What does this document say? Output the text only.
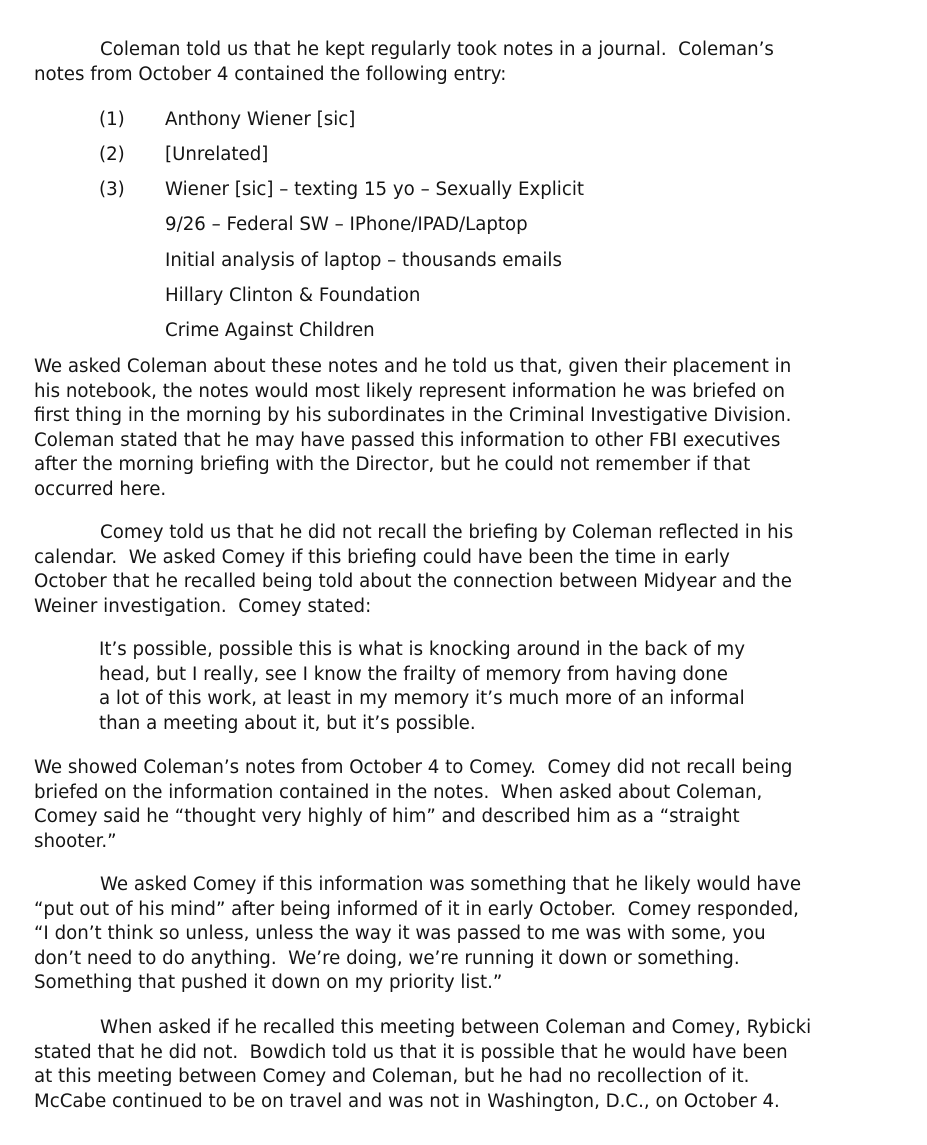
Coleman told us that he kept regularly took notes in a journal.  Coleman’s
notes from October 4 contained the following entry:

(1) Anthony Wiener [sic]
(2) [Unrelated]
(3) Wiener [sic] – texting 15 yo – Sexually Explicit
9/26 – Federal SW – IPhone/IPAD/Laptop
Initial analysis of laptop – thousands emails
Hillary Clinton & Foundation
Crime Against Children

We asked Coleman about these notes and he told us that, given their placement in
his notebook, the notes would most likely represent information he was briefed on
first thing in the morning by his subordinates in the Criminal Investigative Division.
Coleman stated that he may have passed this information to other FBI executives
after the morning briefing with the Director, but he could not remember if that
occurred here.

Comey told us that he did not recall the briefing by Coleman reflected in his
calendar.  We asked Comey if this briefing could have been the time in early
October that he recalled being told about the connection between Midyear and the
Weiner investigation.  Comey stated:

It’s possible, possible this is what is knocking around in the back of my
head, but I really, see I know the frailty of memory from having done
a lot of this work, at least in my memory it’s much more of an informal
than a meeting about it, but it’s possible.

We showed Coleman’s notes from October 4 to Comey.  Comey did not recall being
briefed on the information contained in the notes.  When asked about Coleman,
Comey said he “thought very highly of him” and described him as a “straight
shooter.”

We asked Comey if this information was something that he likely would have
“put out of his mind” after being informed of it in early October.  Comey responded,
“I don’t think so unless, unless the way it was passed to me was with some, you
don’t need to do anything.  We’re doing, we’re running it down or something.
Something that pushed it down on my priority list.”

When asked if he recalled this meeting between Coleman and Comey, Rybicki
stated that he did not.  Bowdich told us that it is possible that he would have been
at this meeting between Comey and Coleman, but he had no recollection of it.
McCabe continued to be on travel and was not in Washington, D.C., on October 4.
